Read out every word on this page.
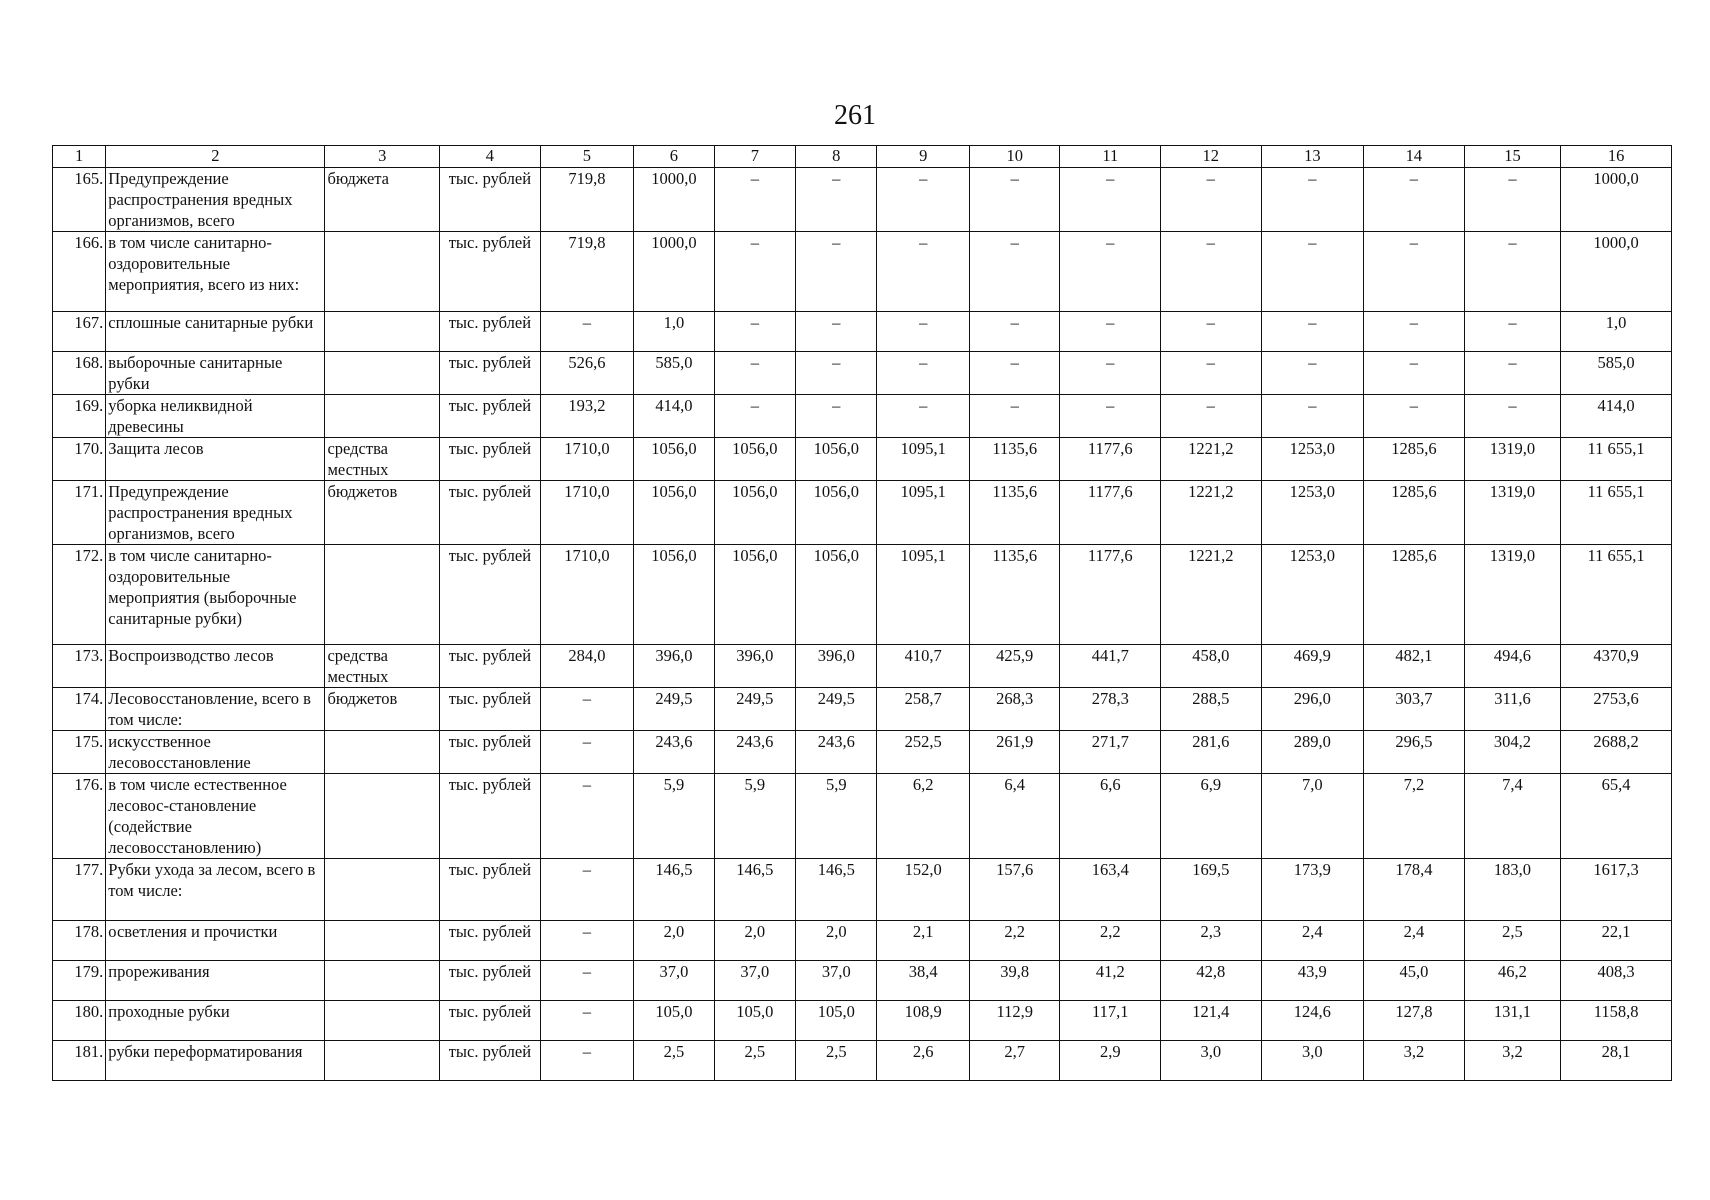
261
1	2	3	4	5	6	7	8	9	10	11	12	13	14	15	16
165.	Предупреждение распространения вредных организмов, всего	бюджета	тыс. рублей	719,8	1000,0	–	–	–	–	–	–	–	–	–	1000,0
166.	в том числе санитарно-оздоровительные мероприятия, всего из них:		тыс. рублей	719,8	1000,0	–	–	–	–	–	–	–	–	–	1000,0
167.	сплошные санитарные рубки		тыс. рублей	–	1,0	–	–	–	–	–	–	–	–	–	1,0
168.	выборочные санитарные рубки		тыс. рублей	526,6	585,0	–	–	–	–	–	–	–	–	–	585,0
169.	уборка неликвидной древесины		тыс. рублей	193,2	414,0	–	–	–	–	–	–	–	–	–	414,0
170.	Защита лесов	средства местных	тыс. рублей	1710,0	1056,0	1056,0	1056,0	1095,1	1135,6	1177,6	1221,2	1253,0	1285,6	1319,0	11 655,1
171.	Предупреждение распространения вредных организмов, всего	бюджетов	тыс. рублей	1710,0	1056,0	1056,0	1056,0	1095,1	1135,6	1177,6	1221,2	1253,0	1285,6	1319,0	11 655,1
172.	в том числе санитарно-оздоровительные мероприятия (выборочные санитарные рубки)		тыс. рублей	1710,0	1056,0	1056,0	1056,0	1095,1	1135,6	1177,6	1221,2	1253,0	1285,6	1319,0	11 655,1
173.	Воспроизводство лесов	средства местных	тыс. рублей	284,0	396,0	396,0	396,0	410,7	425,9	441,7	458,0	469,9	482,1	494,6	4370,9
174.	Лесовосстановление, всего в том числе:	бюджетов	тыс. рублей	–	249,5	249,5	249,5	258,7	268,3	278,3	288,5	296,0	303,7	311,6	2753,6
175.	искусственное лесовосстановление		тыс. рублей	–	243,6	243,6	243,6	252,5	261,9	271,7	281,6	289,0	296,5	304,2	2688,2
176.	в том числе естественное лесовос-становление (содействие лесовосстановлению)		тыс. рублей	–	5,9	5,9	5,9	6,2	6,4	6,6	6,9	7,0	7,2	7,4	65,4
177.	Рубки ухода за лесом, всего в том числе:		тыс. рублей	–	146,5	146,5	146,5	152,0	157,6	163,4	169,5	173,9	178,4	183,0	1617,3
178.	осветления и прочистки		тыс. рублей	–	2,0	2,0	2,0	2,1	2,2	2,2	2,3	2,4	2,4	2,5	22,1
179.	прореживания		тыс. рублей	–	37,0	37,0	37,0	38,4	39,8	41,2	42,8	43,9	45,0	46,2	408,3
180.	проходные рубки		тыс. рублей	–	105,0	105,0	105,0	108,9	112,9	117,1	121,4	124,6	127,8	131,1	1158,8
181.	рубки переформатирования		тыс. рублей	–	2,5	2,5	2,5	2,6	2,7	2,9	3,0	3,0	3,2	3,2	28,1
